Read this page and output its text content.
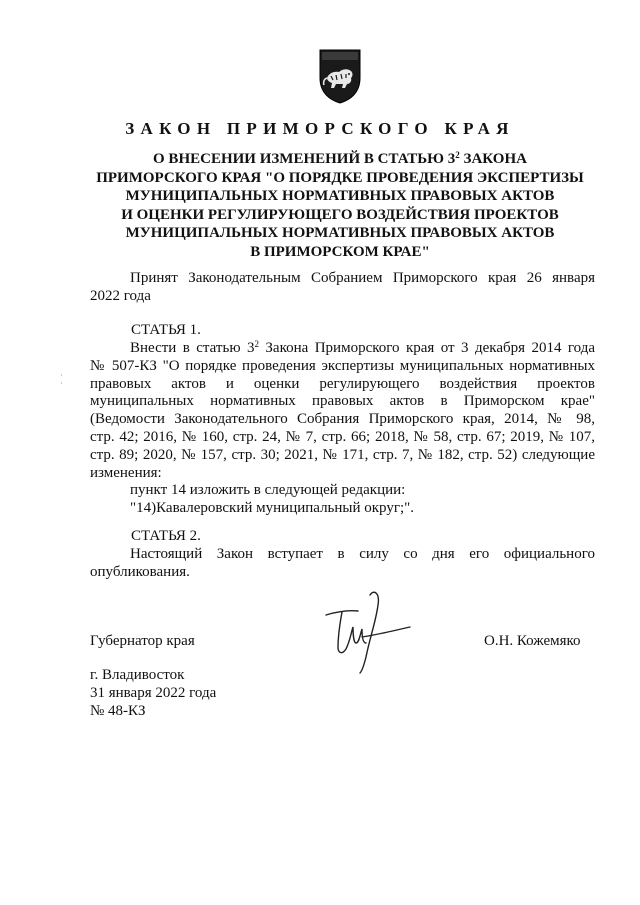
ЗАКОН ПРИМОРСКОГО КРАЯ
О ВНЕСЕНИИ ИЗМЕНЕНИЙ В СТАТЬЮ $3^2$ ЗАКОНА
ПРИМОРСКОГО КРАЯ "О ПОРЯДКЕ ПРОВЕДЕНИЯ ЭКСПЕРТИЗЫ
МУНИЦИПАЛЬНЫХ НОРМАТИВНЫХ ПРАВОВЫХ АКТОВ
И ОЦЕНКИ РЕГУЛИРУЮЩЕГО ВОЗДЕЙСТВИЯ ПРОЕКТОВ
МУНИЦИПАЛЬНЫХ НОРМАТИВНЫХ ПРАВОВЫХ АКТОВ
В ПРИМОРСКОМ КРАЕ"
Принят Законодательным Собранием Приморского края 26 января
2022 года
СТАТЬЯ 1.
·
·

Внести в статью $3^2$ Закона Приморского края от 3 декабря 2014 года

№ 507-КЗ "О порядке проведения экспертизы муниципальных нормативных

правовых актов и оценки регулирующего воздействия проектов

муниципальных нормативных правовых актов в Приморском крае"

(Ведомости Законодательного Собрания Приморского края, 2014, № 98,

стр. 42; 2016, № 160, стр. 24, № 7, стр. 66; 2018, № 58, стр. 67; 2019, № 107,

стр. 89; 2020, № 157, стр. 30; 2021, № 171, стр. 7, № 182, стр. 52) следующие

изменения:

пункт 14 изложить в следующей редакции:

"14)Кавалеровский муниципальный округ;".

СТАТЬЯ 2.

Настоящий Закон вступает в силу со дня его официального

опубликования.

Губернатор края	О.Н. Кожемяко
г. Владивосток
31 января 2022 года
№ 48-КЗ
